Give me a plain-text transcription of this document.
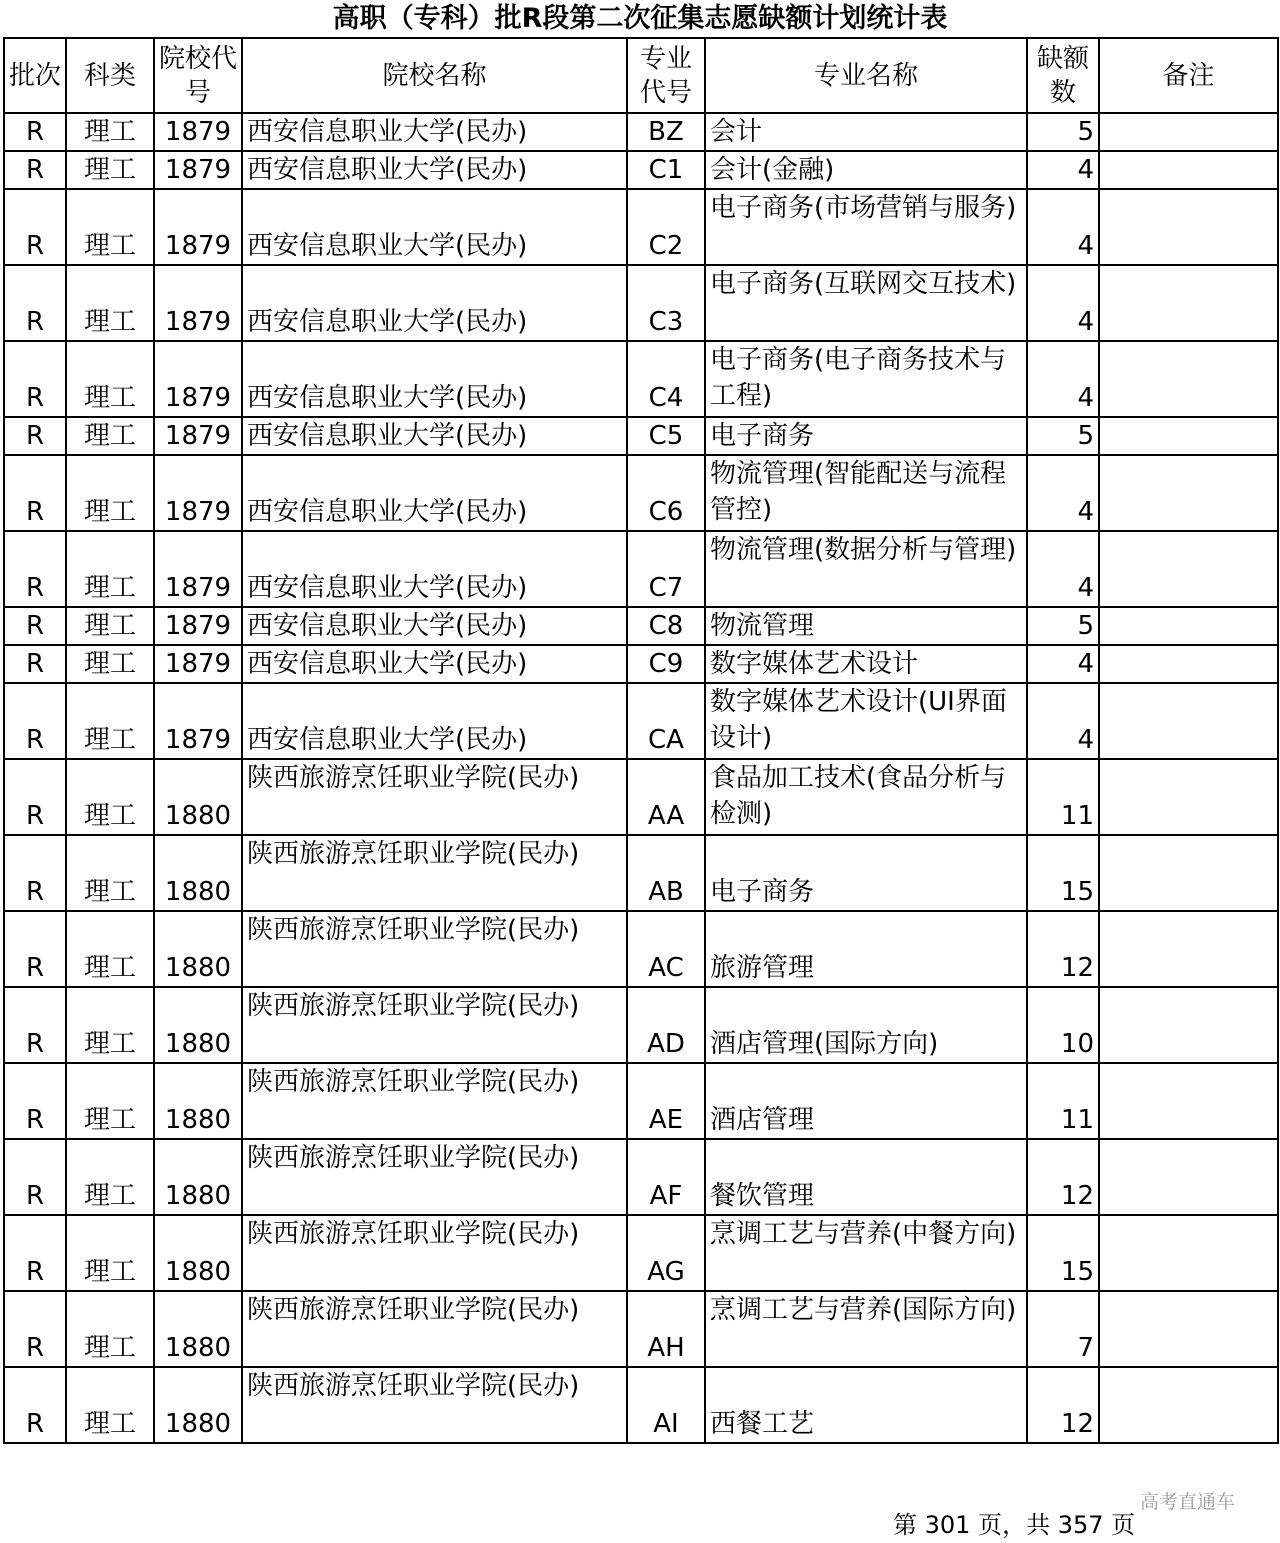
高职（专科）批R段第二次征集志愿缺额计划统计表
批次	科类	院校代号	院校名称	专业代号	专业名称	缺额数	备注
R	理工	1879	西安信息职业大学(民办)	BZ	会计	5	
R	理工	1879	西安信息职业大学(民办)	C1	会计(金融)	4	
R	理工	1879	西安信息职业大学(民办)	C2	电子商务(市场营销与服务)	4	
R	理工	1879	西安信息职业大学(民办)	C3	电子商务(互联网交互技术)	4	
R	理工	1879	西安信息职业大学(民办)	C4	电子商务(电子商务技术与工程)	4	
R	理工	1879	西安信息职业大学(民办)	C5	电子商务	5	
R	理工	1879	西安信息职业大学(民办)	C6	物流管理(智能配送与流程管控)	4	
R	理工	1879	西安信息职业大学(民办)	C7	物流管理(数据分析与管理)	4	
R	理工	1879	西安信息职业大学(民办)	C8	物流管理	5	
R	理工	1879	西安信息职业大学(民办)	C9	数字媒体艺术设计	4	
R	理工	1879	西安信息职业大学(民办)	CA	数字媒体艺术设计(UI界面设计)	4	
R	理工	1880	陕西旅游烹饪职业学院(民办)	AA	食品加工技术(食品分析与检测)	11	
R	理工	1880	陕西旅游烹饪职业学院(民办)	AB	电子商务	15	
R	理工	1880	陕西旅游烹饪职业学院(民办)	AC	旅游管理	12	
R	理工	1880	陕西旅游烹饪职业学院(民办)	AD	酒店管理(国际方向)	10	
R	理工	1880	陕西旅游烹饪职业学院(民办)	AE	酒店管理	11	
R	理工	1880	陕西旅游烹饪职业学院(民办)	AF	餐饮管理	12	
R	理工	1880	陕西旅游烹饪职业学院(民办)	AG	烹调工艺与营养(中餐方向)	15	
R	理工	1880	陕西旅游烹饪职业学院(民办)	AH	烹调工艺与营养(国际方向)	7	
R	理工	1880	陕西旅游烹饪职业学院(民办)	AI	西餐工艺	12	
高考直通车
第 301 页，共 357 页
